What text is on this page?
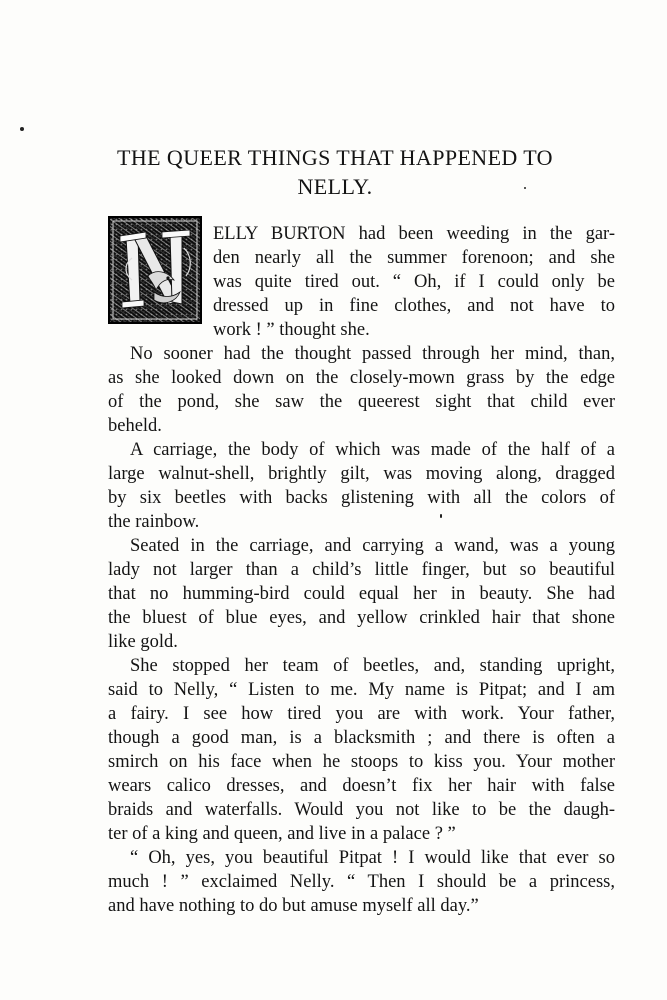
THE QUEER THINGS THAT HAPPENED TO
NELLY.

ELLY BURTON had been weeding in the gar-

den nearly all the summer forenoon; and she

was quite tired out. “ Oh, if I could only be

dressed up in fine clothes, and not have to

work ! ” thought she.

No sooner had the thought passed through her mind, than,

as she looked down on the closely-mown grass by the edge

of the pond, she saw the queerest sight that child ever

beheld.

A carriage, the body of which was made of the half of a

large walnut-shell, brightly gilt, was moving along, dragged

by six beetles with backs glistening with all the colors of

the rainbow.

Seated in the carriage, and carrying a wand, was a young

lady not larger than a child’s little finger, but so beautiful

that no humming-bird could equal her in beauty. She had

the bluest of blue eyes, and yellow crinkled hair that shone

like gold.

She stopped her team of beetles, and, standing upright,

said to Nelly, “ Listen to me. My name is Pitpat; and I am

a fairy. I see how tired you are with work. Your father,

though a good man, is a blacksmith ; and there is often a

smirch on his face when he stoops to kiss you. Your mother

wears calico dresses, and doesn’t fix her hair with false

braids and waterfalls. Would you not like to be the daugh-

ter of a king and queen, and live in a palace ? ”

“ Oh, yes, you beautiful Pitpat ! I would like that ever so

much ! ” exclaimed Nelly. “ Then I should be a princess,

and have nothing to do but amuse myself all day.”
